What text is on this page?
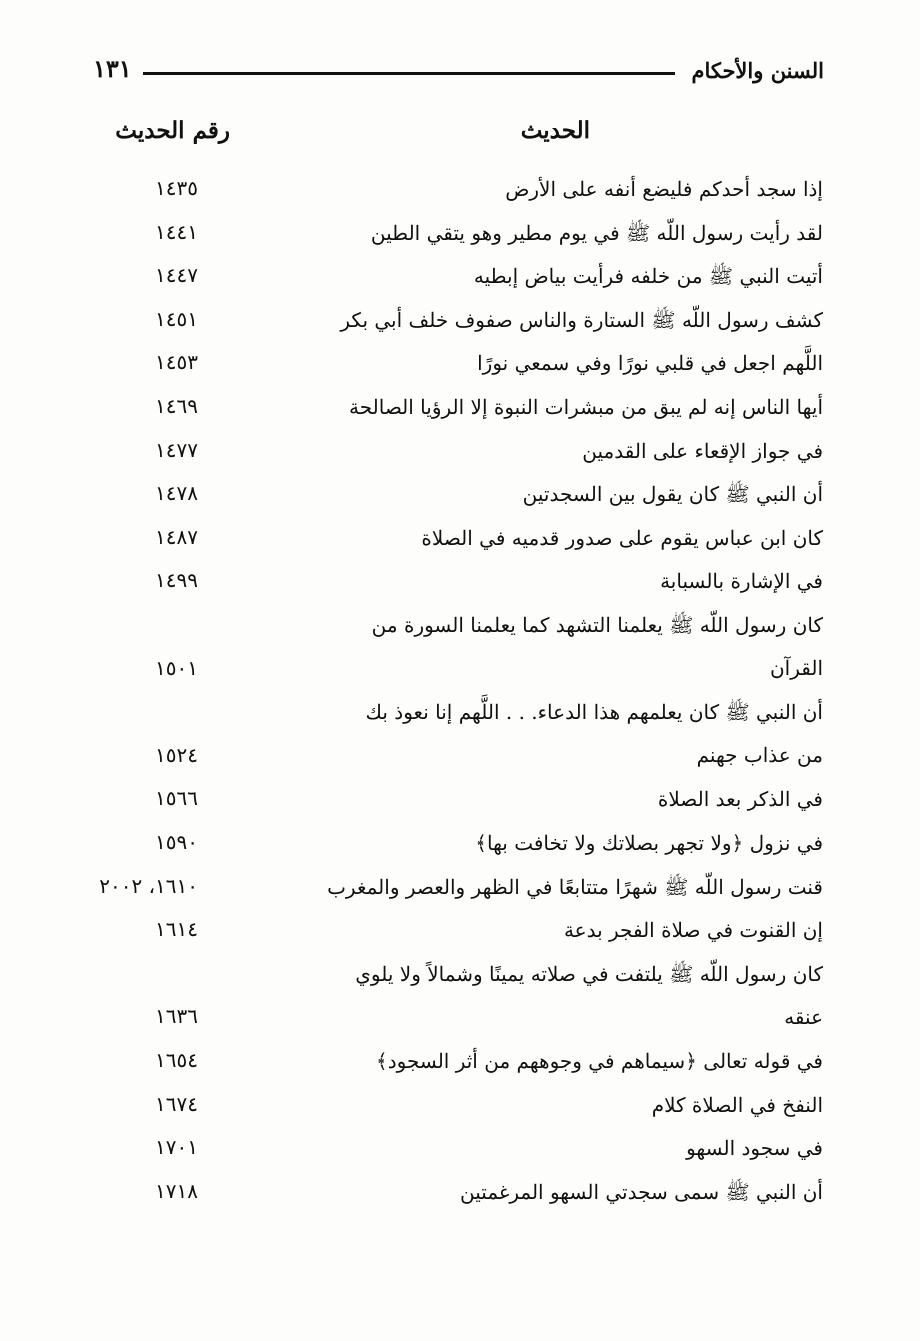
السنن والأحكام
١٣١
الحديث
رقم الحديث
إذا سجد أحدكم فليضع أنفه على الأرض
١٤٣٥
لقد رأيت رسول اللّه ﷺ في يوم مطير وهو يتقي الطين
١٤٤١
أتيت النبي ﷺ من خلفه فرأيت بياض إبطيه
١٤٤٧
كشف رسول اللّه ﷺ الستارة والناس صفوف خلف أبي بكر
١٤٥١
اللَّهم اجعل في قلبي نورًا وفي سمعي نورًا
١٤٥٣
أيها الناس إنه لم يبق من مبشرات النبوة إلا الرؤيا الصالحة
١٤٦٩
في جواز الإقعاء على القدمين
١٤٧٧
أن النبي ﷺ كان يقول بين السجدتين
١٤٧٨
كان ابن عباس يقوم على صدور قدميه في الصلاة
١٤٨٧
في الإشارة بالسبابة
١٤٩٩
كان رسول اللّه ﷺ يعلمنا التشهد كما يعلمنا السورة من
القرآن
١٥٠١
أن النبي ﷺ كان يعلمهم هذا الدعاء. . . اللَّهم إنا نعوذ بك
من عذاب جهنم
١٥٢٤
في الذكر بعد الصلاة
١٥٦٦
في نزول ﴿ولا تجهر بصلاتك ولا تخافت بها﴾
١٥٩٠
قنت رسول اللّه ﷺ شهرًا متتابعًا في الظهر والعصر والمغرب
١٦١٠، ٢٠٠٢
إن القنوت في صلاة الفجر بدعة
١٦١٤
كان رسول اللّه ﷺ يلتفت في صلاته يمينًا وشمالاً ولا يلوي
عنقه
١٦٣٦
في قوله تعالى ﴿سيماهم في وجوههم من أثر السجود﴾
١٦٥٤
النفخ في الصلاة كلام
١٦٧٤
في سجود السهو
١٧٠١
أن النبي ﷺ سمى سجدتي السهو المرغمتين
١٧١٨
